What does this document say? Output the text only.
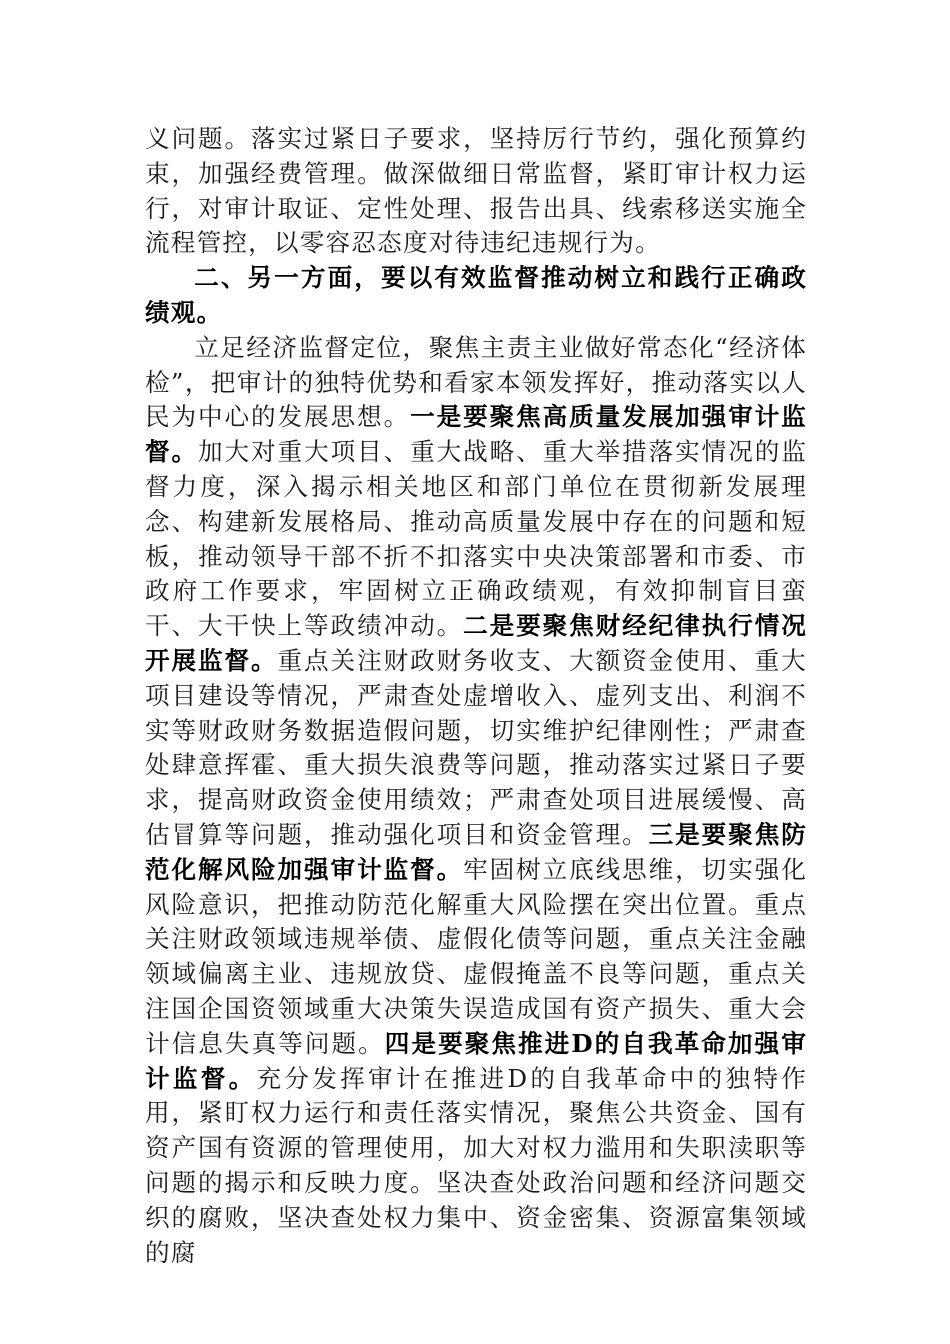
义问题。落实过紧日子要求，坚持厉行节约，强化预算约束，加强经费管理。做深做细日常监督，紧盯审计权力运行，对审计取证、定性处理、报告出具、线索移送实施全流程管控，以零容忍态度对待违纪违规行为。

二、另一方面，要以有效监督推动树立和践行正确政绩观。

立足经济监督定位，聚焦主责主业做好常态化“经济体检”，把审计的独特优势和看家本领发挥好，推动落实以人民为中心的发展思想。一是要聚焦高质量发展加强审计监督。加大对重大项目、重大战略、重大举措落实情况的监督力度，深入揭示相关地区和部门单位在贯彻新发展理念、构建新发展格局、推动高质量发展中存在的问题和短板，推动领导干部不折不扣落实中央决策部署和市委、市政府工作要求，牢固树立正确政绩观，有效抑制盲目蛮干、大干快上等政绩冲动。二是要聚焦财经纪律执行情况开展监督。重点关注财政财务收支、大额资金使用、重大项目建设等情况，严肃查处虚增收入、虚列支出、利润不实等财政财务数据造假问题，切实维护纪律刚性；严肃查处肆意挥霍、重大损失浪费等问题，推动落实过紧日子要求，提高财政资金使用绩效；严肃查处项目进展缓慢、高估冒算等问题，推动强化项目和资金管理。三是要聚焦防范化解风险加强审计监督。牢固树立底线思维，切实强化风险意识，把推动防范化解重大风险摆在突出位置。重点关注财政领域违规举债、虚假化债等问题，重点关注金融领域偏离主业、违规放贷、虚假掩盖不良等问题，重点关注国企国资领域重大决策失误造成国有资产损失、重大会计信息失真等问题。四是要聚焦推进D的自我革命加强审计监督。充分发挥审计在推进D的自我革命中的独特作用，紧盯权力运行和责任落实情况，聚焦公共资金、国有资产国有资源的管理使用，加大对权力滥用和失职渎职等问题的揭示和反映力度。坚决查处政治问题和经济问题交织的腐败，坚决查处权力集中、资金密集、资源富集领域的腐
